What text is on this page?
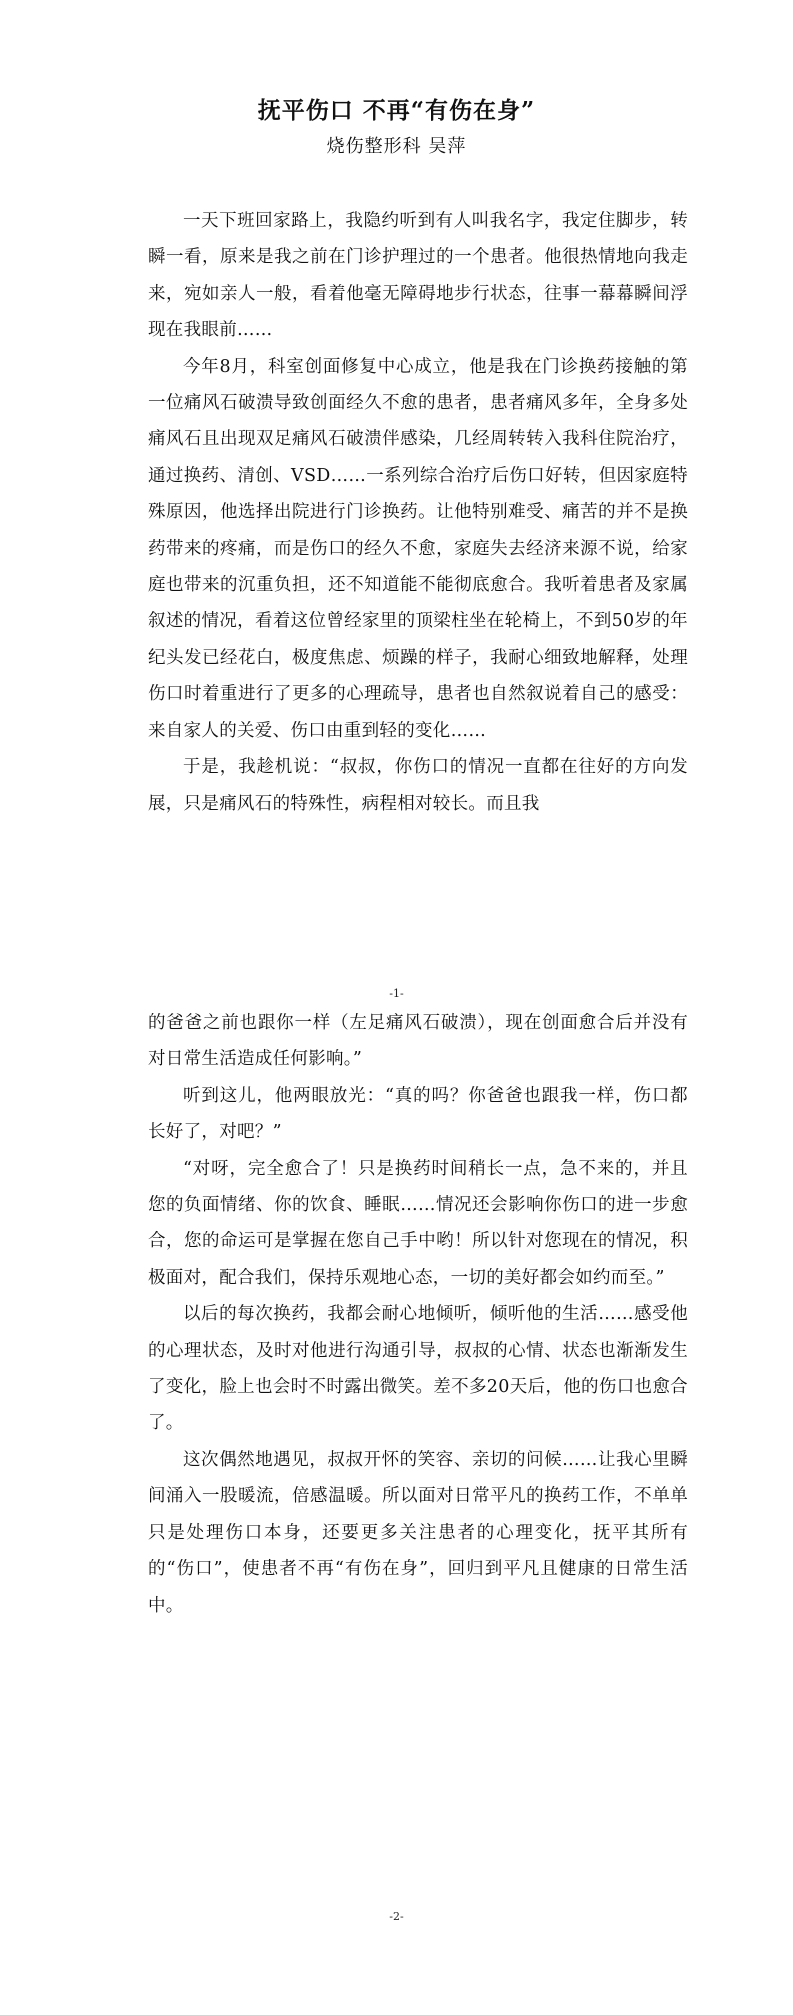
抚平伤口 不再“有伤在身”
烧伤整形科 吴萍

一天下班回家路上，我隐约听到有人叫我名字，我定住脚步，转瞬一看，原来是我之前在门诊护理过的一个患者。他很热情地向我走来，宛如亲人一般，看着他毫无障碍地步行状态，往事一幕幕瞬间浮现在我眼前……

今年8月，科室创面修复中心成立，他是我在门诊换药接触的第一位痛风石破溃导致创面经久不愈的患者，患者痛风多年，全身多处痛风石且出现双足痛风石破溃伴感染，几经周转转入我科住院治疗，通过换药、清创、VSD……一系列综合治疗后伤口好转，但因家庭特殊原因，他选择出院进行门诊换药。让他特别难受、痛苦的并不是换药带来的疼痛，而是伤口的经久不愈，家庭失去经济来源不说，给家庭也带来的沉重负担，还不知道能不能彻底愈合。我听着患者及家属叙述的情况，看着这位曾经家里的顶梁柱坐在轮椅上，不到50岁的年纪头发已经花白，极度焦虑、烦躁的样子，我耐心细致地解释，处理伤口时着重进行了更多的心理疏导，患者也自然叙说着自己的感受：来自家人的关爱、伤口由重到轻的变化……

于是，我趁机说：“叔叔，你伤口的情况一直都在往好的方向发展，只是痛风石的特殊性，病程相对较长。而且我

-1-

的爸爸之前也跟你一样（左足痛风石破溃），现在创面愈合后并没有对日常生活造成任何影响。”

听到这儿，他两眼放光：“真的吗？你爸爸也跟我一样，伤口都长好了，对吧？”

“对呀，完全愈合了！只是换药时间稍长一点，急不来的，并且您的负面情绪、你的饮食、睡眠……情况还会影响你伤口的进一步愈合，您的命运可是掌握在您自己手中哟！所以针对您现在的情况，积极面对，配合我们，保持乐观地心态，一切的美好都会如约而至。”

以后的每次换药，我都会耐心地倾听，倾听他的生活……感受他的心理状态，及时对他进行沟通引导，叔叔的心情、状态也渐渐发生了变化，脸上也会时不时露出微笑。差不多20天后，他的伤口也愈合了。

这次偶然地遇见，叔叔开怀的笑容、亲切的问候……让我心里瞬间涌入一股暖流，倍感温暖。所以面对日常平凡的换药工作，不单单只是处理伤口本身，还要更多关注患者的心理变化，抚平其所有的“伤口”，使患者不再“有伤在身”，回归到平凡且健康的日常生活中。

-2-
